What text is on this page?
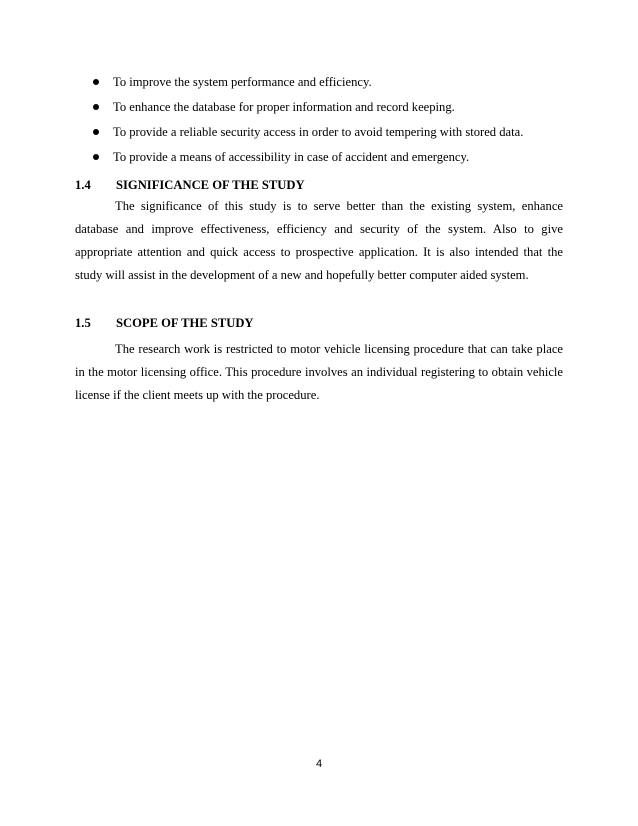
To improve the system performance and efficiency.
To enhance the database for proper information and record keeping.
To provide a reliable security access in order to avoid tempering with stored data.
To provide a means of accessibility in case of accident and emergency.
1.4 SIGNIFICANCE OF THE STUDY

The significance of this study is to serve better than the existing system, enhance database and improve effectiveness, efficiency and security of the system. Also to give appropriate attention and quick access to prospective application. It is also intended that the study will assist in the development of a new and hopefully better computer aided system.

1.5 SCOPE OF THE STUDY

The research work is restricted to motor vehicle licensing procedure that can take place in the motor licensing office. This procedure involves an individual registering to obtain vehicle license if the client meets up with the procedure.

4
